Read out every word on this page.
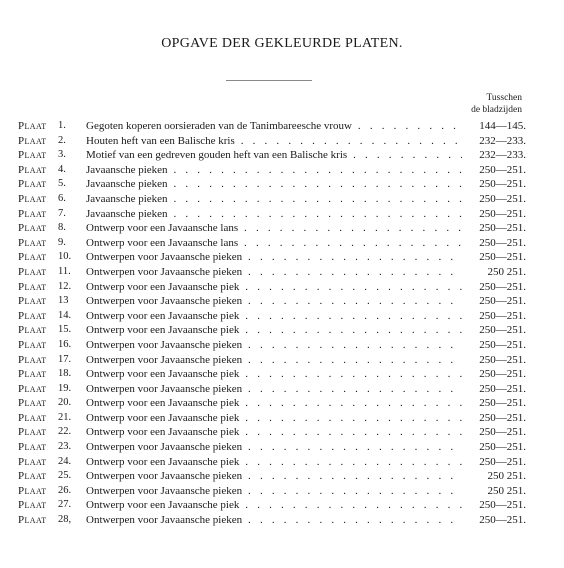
OPGAVE DER GEKLEURDE PLATEN.
Tusschen
de bladzijden
Plaat	1.	Gegoten koperen oorsieraden van de Tanimbareesche vrouw . . .	144—145.
Plaat	2.	Houten heft van een Balische kris . . .	232—233.
Plaat	3.	Motief van een gedreven gouden heft van een Balische kris . . .	232—233.
Plaat	4.	Javaansche pieken . . .	250—251.
Plaat	5.	Javaansche pieken . . .	250—251.
Plaat	6.	Javaansche pieken . . .	250—251.
Plaat	7.	Javaansche pieken . . .	250—251.
Plaat	8.	Ontwerp voor een Javaansche lans . . .	250—251.
Plaat	9.	Ontwerp voor een Javaansche lans . . .	250—251.
Plaat	10.	Ontwerpen voor Javaansche pieken . . .	250—251.
Plaat	11.	Ontwerpen voor Javaansche pieken . . .	250 251.
Plaat	12.	Ontwerp voor een Javaansche piek . . .	250—251.
Plaat	13	Ontwerpen voor Javaansche pieken . . .	250—251.
Plaat	14.	Ontwerp voor een Javaansche piek . . .	250—251.
Plaat	15.	Ontwerp voor een Javaansche piek . . .	250—251.
Plaat	16.	Ontwerpen voor Javaansche pieken . . .	250—251.
Plaat	17.	Ontwerpen voor Javaansche pieken . . .	250—251.
Plaat	18.	Ontwerp voor een Javaansche piek . . .	250—251.
Plaat	19.	Ontwerpen voor Javaansche pieken . . .	250—251.
Plaat	20.	Ontwerp voor een Javaansche piek . . .	250—251.
Plaat	21.	Ontwerp voor een Javaansche piek . . .	250—251.
Plaat	22.	Ontwerp voor een Javaansche piek . . .	250—251.
Plaat	23.	Ontwerpen voor Javaansche pieken . . .	250—251.
Plaat	24.	Ontwerp voor een Javaansche piek . . .	250—251.
Plaat	25.	Ontwerpen voor Javaansche pieken . . .	250 251.
Plaat	26.	Ontwerpen voor Javaansche pieken . . .	250 251.
Plaat	27.	Ontwerp voor een Javaansche piek . . .	250—251.
Plaat	28,	Ontwerpen voor Javaansche pieken . . .	250—251.
